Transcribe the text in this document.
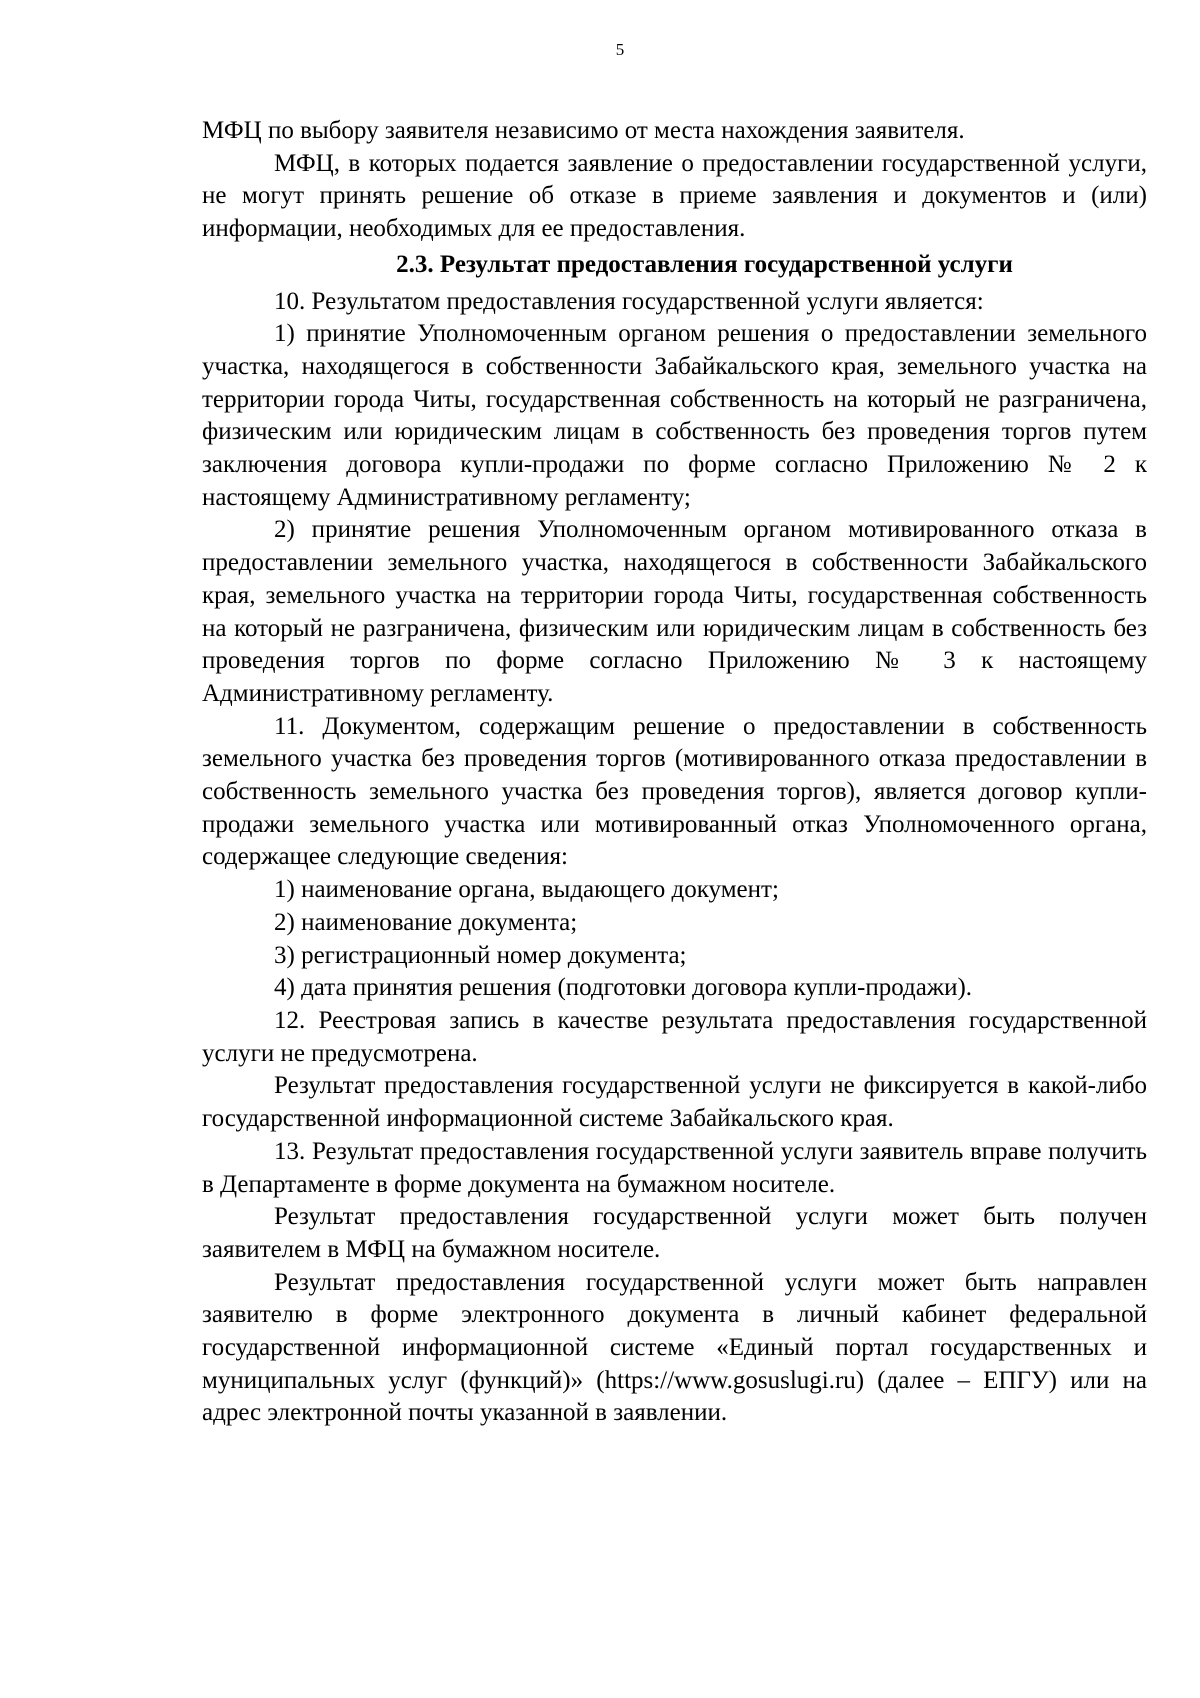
5

МФЦ по выбору заявителя независимо от места нахождения заявителя.

МФЦ, в которых подается заявление о предоставлении государственной услуги, не могут принять решение об отказе в приеме заявления и документов и (или) информации, необходимых для ее предоставления.

2.3. Результат предоставления государственной услуги

10. Результатом предоставления государственной услуги является:

1) принятие Уполномоченным органом решения о предоставлении земельного участка, находящегося в собственности Забайкальского края, земельного участка на территории города Читы, государственная собственность на который не разграничена, физическим или юридическим лицам в собственность без проведения торгов путем заключения договора купли-продажи по форме согласно Приложению № 2 к настоящему Административному регламенту;

2) принятие решения Уполномоченным органом мотивированного отказа в предоставлении земельного участка, находящегося в собственности Забайкальского края, земельного участка на территории города Читы, государственная собственность на который не разграничена, физическим или юридическим лицам в собственность без проведения торгов по форме согласно Приложению № 3 к настоящему Административному регламенту.

11. Документом, содержащим решение о предоставлении в собственность земельного участка без проведения торгов (мотивированного отказа предоставлении в собственность земельного участка без проведения торгов), является договор купли-продажи земельного участка или мотивированный отказ Уполномоченного органа, содержащее следующие сведения:

1) наименование органа, выдающего документ;

2) наименование документа;

3) регистрационный номер документа;

4) дата принятия решения (подготовки договора купли-продажи).

12. Реестровая запись в качестве результата предоставления государственной услуги не предусмотрена.

Результат предоставления государственной услуги не фиксируется в какой-либо государственной информационной системе Забайкальского края.

13. Результат предоставления государственной услуги заявитель вправе получить в Департаменте в форме документа на бумажном носителе.

Результат предоставления государственной услуги может быть получен заявителем в МФЦ на бумажном носителе.

Результат предоставления государственной услуги может быть направлен заявителю в форме электронного документа в личный кабинет федеральной государственной информационной системе «Единый портал государственных и муниципальных услуг (функций)» (https://www.gosuslugi.ru) (далее – ЕПГУ) или на адрес электронной почты указанной в заявлении.
